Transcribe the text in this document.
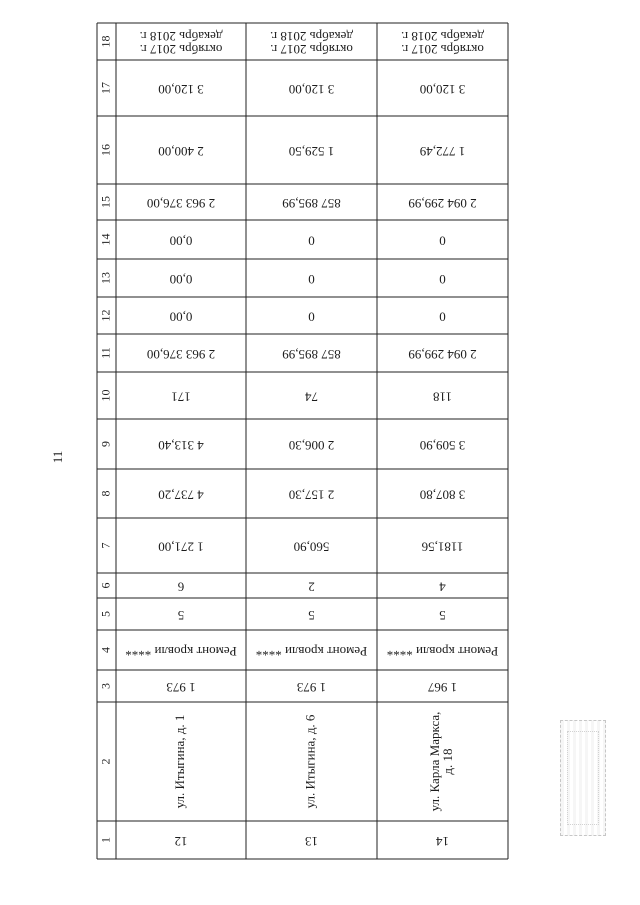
11
1
2
3
4
5
6
7
8
9
10
11
12
13
14
15
16
17
18
12
ул. Итыгина, д. 1
1 973
Ремонт кровли ****
5
6
1 271,00
4 737,20
4 313,40
171
2 963 376,00
0,00
0,00
0,00
2 963 376,00
2 400,00
3 120,00
октябрь 2017 г.декабрь 2018 г.
13
ул. Итыгина, д. 6
1 973
Ремонт кровли ****
5
2
560,90
2 157,30
2 006,30
74
857 895,99
0
0
0
857 895,99
1 529,50
3 120,00
октябрь 2017 г.декабрь 2018 г.
14
ул. Карла Маркса,д. 18
1 967
Ремонт кровли ****
5
4
1181,56
3 807,80
3 509,90
118
2 094 299,99
0
0
0
2 094 299,99
1 772,49
3 120,00
октябрь 2017 г.декабрь 2018 г.
